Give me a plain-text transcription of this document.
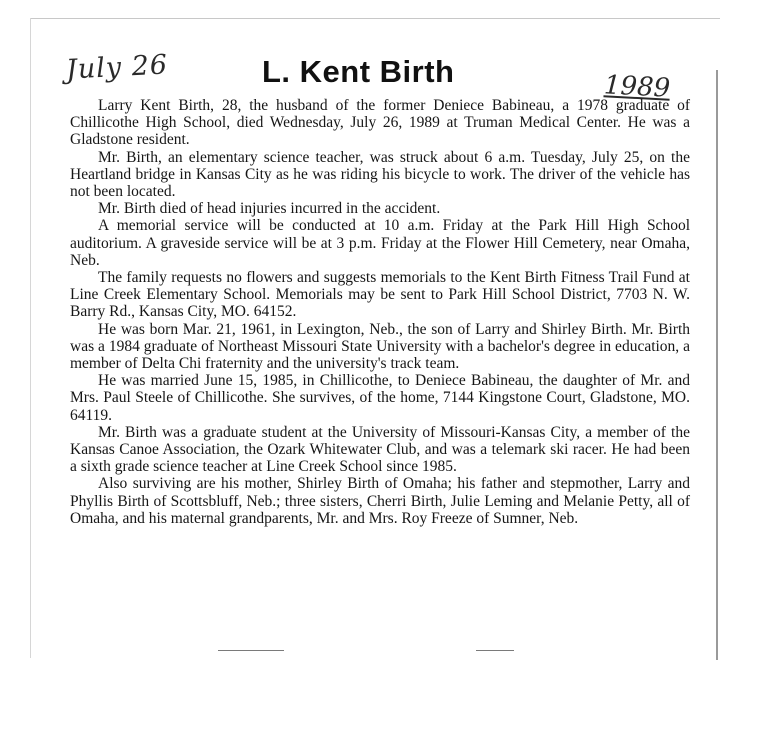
July 26	L. Kent Birth	1989

Larry Kent Birth, 28, the husband of the former Deniece Babineau, a 1978 graduate of Chillicothe High School, died Wednesday, July 26, 1989 at Truman Medical Center. He was a Gladstone resident.

Mr. Birth, an elementary science teacher, was struck about 6 a.m. Tuesday, July 25, on the Heartland bridge in Kansas City as he was riding his bicycle to work. The driver of the vehicle has not been located.

Mr. Birth died of head injuries incurred in the accident.

A memorial service will be conducted at 10 a.m. Friday at the Park Hill High School auditorium. A graveside service will be at 3 p.m. Friday at the Flower Hill Cemetery, near Omaha, Neb.

The family requests no flowers and suggests memorials to the Kent Birth Fitness Trail Fund at Line Creek Elementary School. Memorials may be sent to Park Hill School District, 7703 N. W. Barry Rd., Kansas City, MO. 64152.

He was born Mar. 21, 1961, in Lexington, Neb., the son of Larry and Shirley Birth. Mr. Birth was a 1984 graduate of Northeast Missouri State University with a bachelor's degree in education, a member of Delta Chi fraternity and the university's track team.

He was married June 15, 1985, in Chillicothe, to Deniece Babineau, the daughter of Mr. and Mrs. Paul Steele of Chillicothe. She survives, of the home, 7144 Kingstone Court, Gladstone, MO. 64119.

Mr. Birth was a graduate student at the University of Missouri-Kansas City, a member of the Kansas Canoe Association, the Ozark Whitewater Club, and was a telemark ski racer. He had been a sixth grade science teacher at Line Creek School since 1985.

Also surviving are his mother, Shirley Birth of Omaha; his father and stepmother, Larry and Phyllis Birth of Scottsbluff, Neb.; three sisters, Cherri Birth, Julie Leming and Melanie Petty, all of Omaha, and his maternal grandparents, Mr. and Mrs. Roy Freeze of Sumner, Neb.
